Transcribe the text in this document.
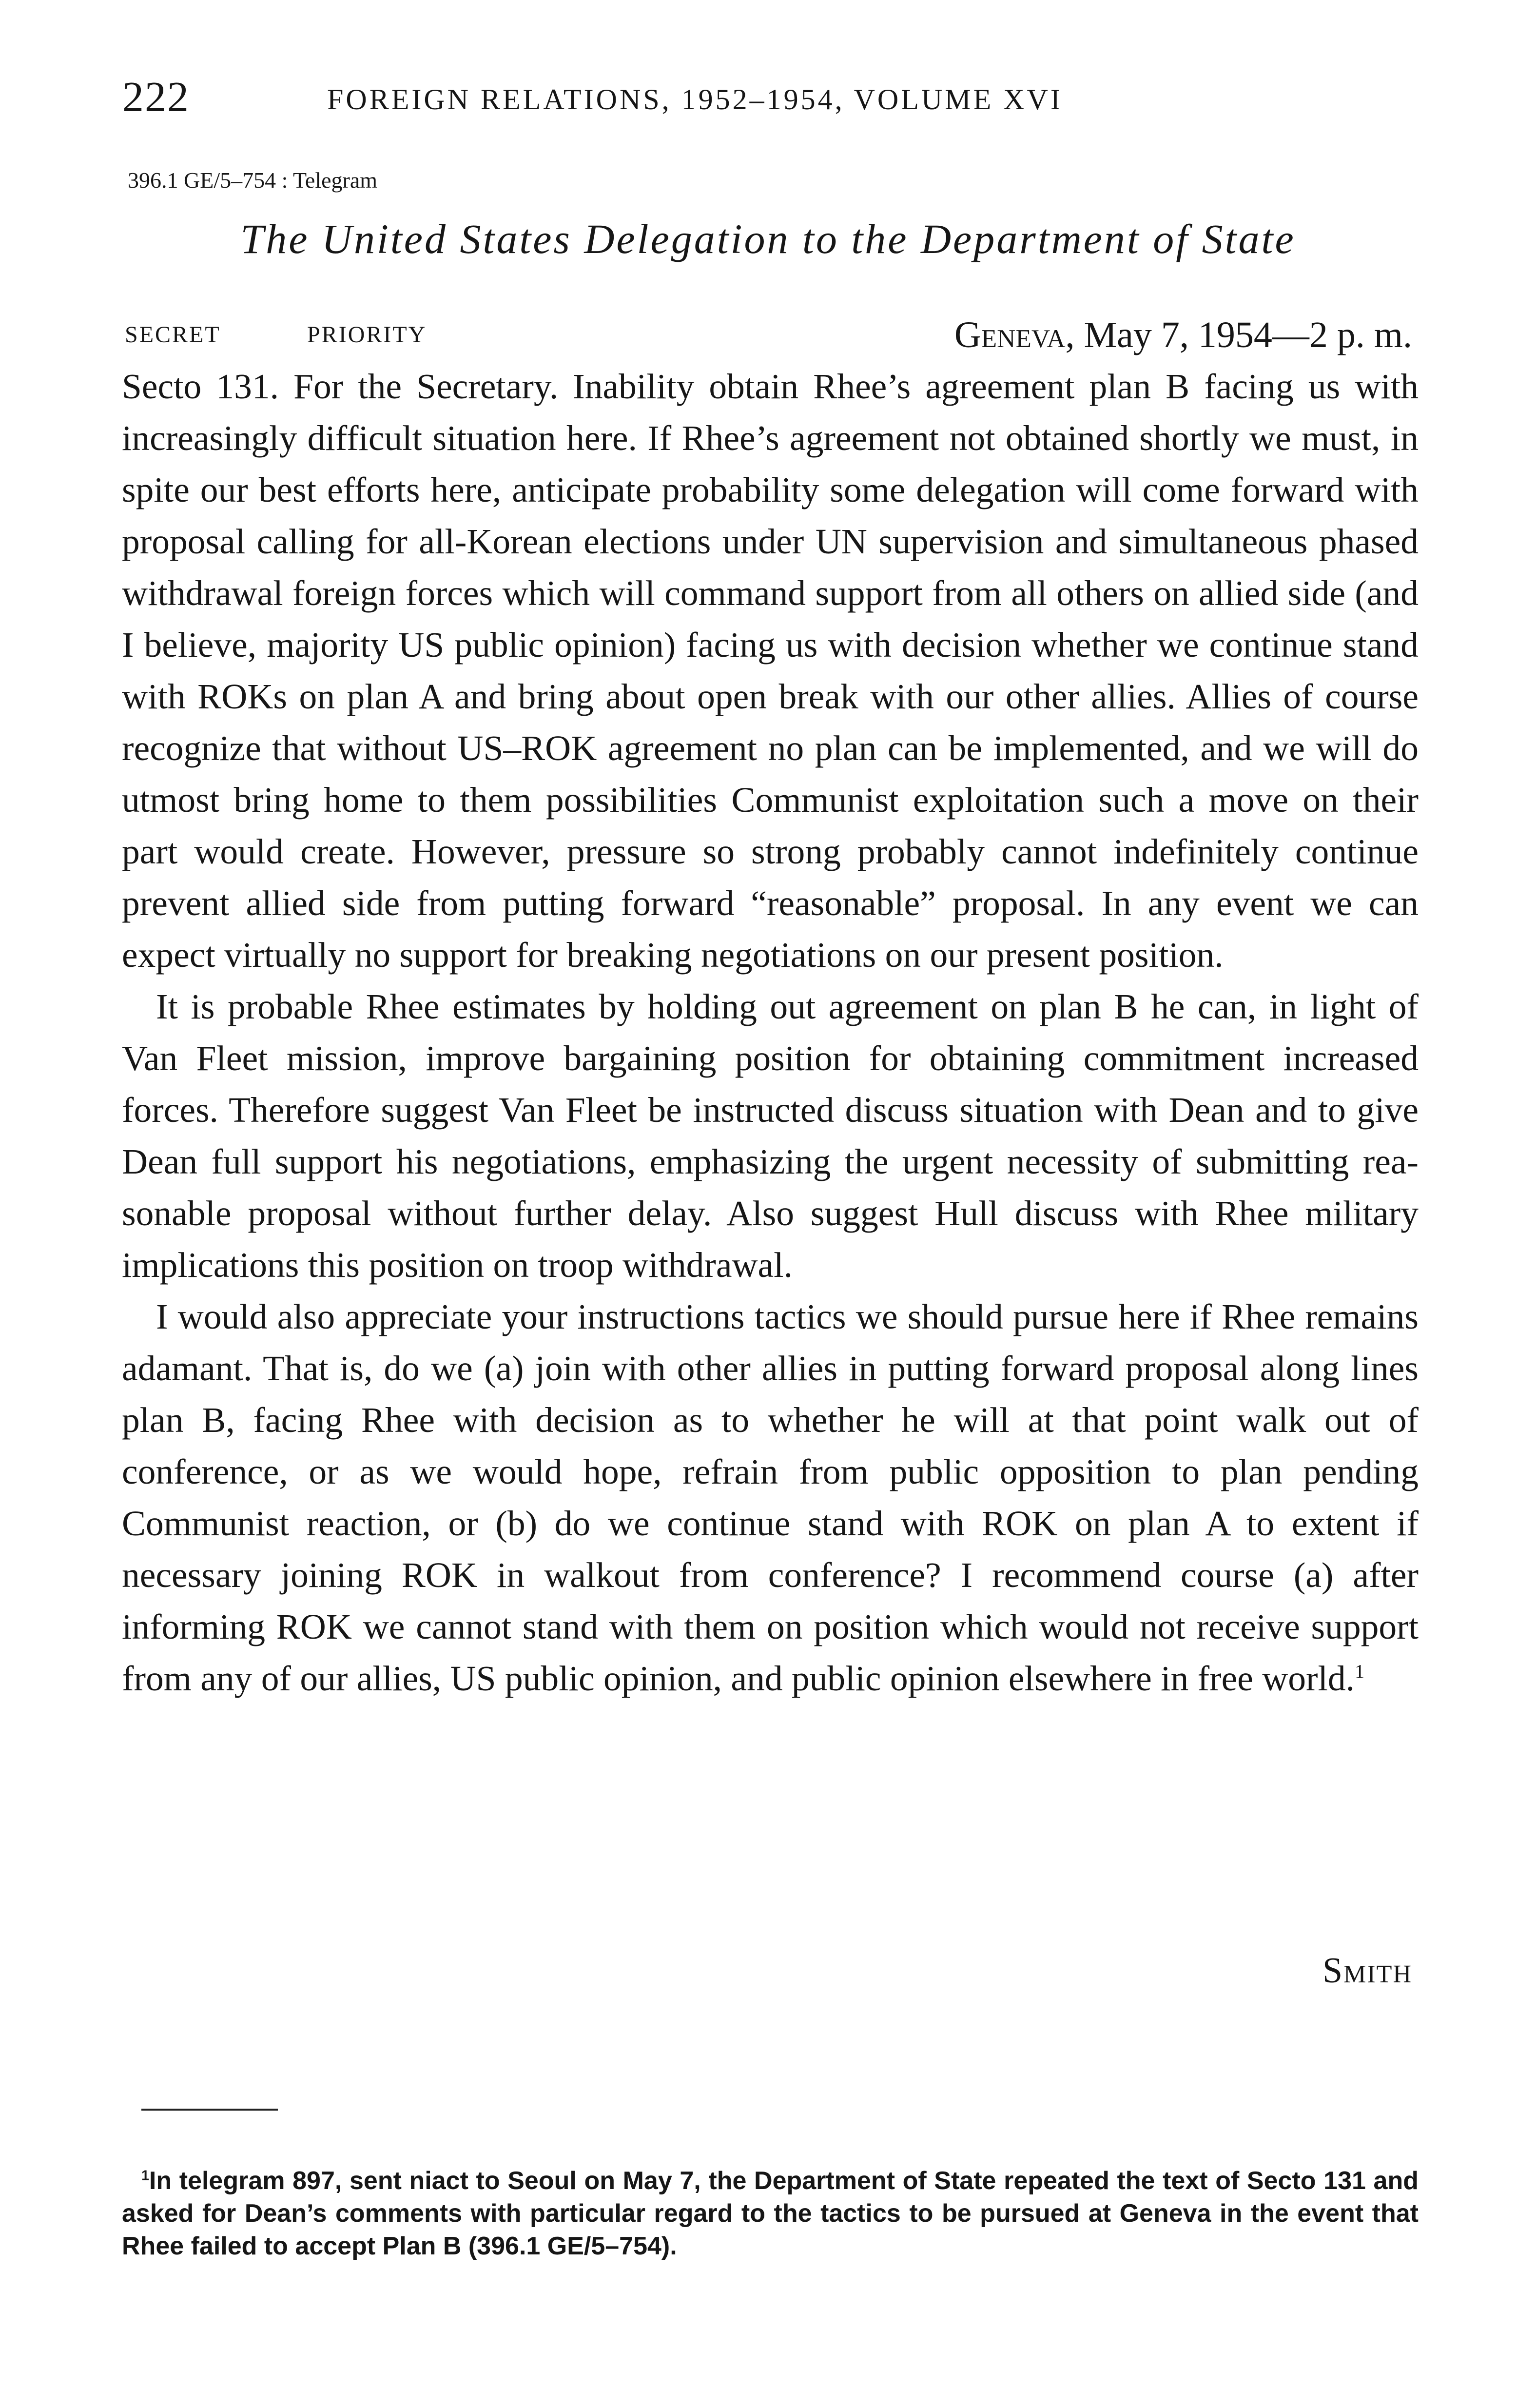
222	FOREIGN RELATIONS, 1952–1954, VOLUME XVI
396.1 GE/5–754 : Telegram
The United States Delegation to the Department of State
SECRET	PRIORITY	Geneva, May 7, 1954—2 p. m.

Secto 131. For the Secretary. Inability obtain Rhee’s agreement plan B facing us with increasingly difficult situation here. If Rhee’s agreement not obtained shortly we must, in spite our best efforts here, anticipate probability some delegation will come forward with proposal calling for all-Korean elections under UN supervision and simultaneous phased withdrawal foreign forces which will command support from all others on allied side (and I believe, majority US public opinion) facing us with decision whether we continue stand with ROKs on plan A and bring about open break with our other allies. Allies of course recognize that without US–ROK agreement no plan can be implemented, and we will do utmost bring home to them possibilities Communist exploitation such a move on their part would create. However, pressure so strong probably cannot indefinitely continue prevent allied side from putting forward “reasonable” proposal. In any event we can expect virtually no support for breaking negotiations on our present position.

It is probable Rhee estimates by holding out agreement on plan B he can, in light of Van Fleet mission, improve bargaining position for obtaining commitment increased forces. Therefore suggest Van Fleet be instructed discuss situation with Dean and to give Dean full support his negotiations, emphasizing the urgent necessity of submitting reasonable proposal without further delay. Also suggest Hull discuss with Rhee military implications this position on troop withdrawal.

I would also appreciate your instructions tactics we should pursue here if Rhee remains adamant. That is, do we (a) join with other allies in putting forward proposal along lines plan B, facing Rhee with decision as to whether he will at that point walk out of conference, or as we would hope, refrain from public opposition to plan pending Communist reaction, or (b) do we continue stand with ROK on plan A to extent if necessary joining ROK in walkout from conference? I recommend course (a) after informing ROK we cannot stand with them on position which would not receive support from any of our allies, US public opinion, and public opinion elsewhere in free world.$^1$

Smith

$^1$In telegram 897, sent niact to Seoul on May 7, the Department of State repeated the text of Secto 131 and asked for Dean’s comments with particular regard to the tactics to be pursued at Geneva in the event that Rhee failed to accept Plan B (396.1 GE/5–754).
